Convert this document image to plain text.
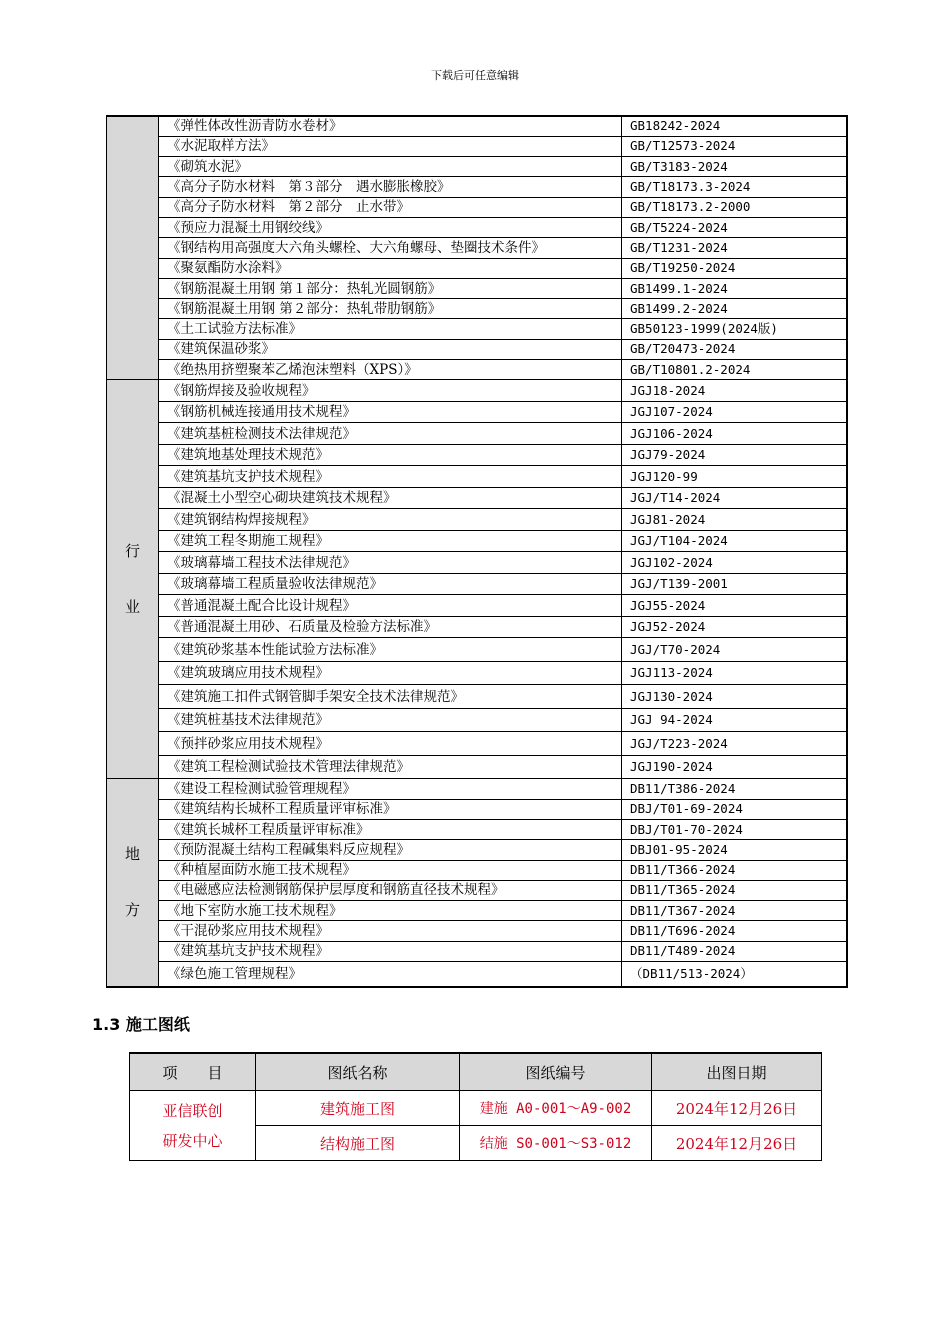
下载后可任意编辑
	《弹性体改性沥青防水卷材》	GB18242-2024
	《水泥取样方法》	GB/T12573-2024
	《砌筑水泥》	GB/T3183-2024
	《高分子防水材料　第３部分　遇水膨胀橡胶》	GB/T18173.3-2024
	《高分子防水材料　第２部分　止水带》	GB/T18173.2-2000
	《预应力混凝土用钢绞线》	GB/T5224-2024
	《钢结构用高强度大六角头螺栓、大六角螺母、垫圈技术条件》	GB/T1231-2024
	《聚氨酯防水涂料》	GB/T19250-2024
	《钢筋混凝土用钢 第１部分：热轧光圆钢筋》	GB1499.1-2024
	《钢筋混凝土用钢 第２部分：热轧带肋钢筋》	GB1499.2-2024
	《土工试验方法标准》	GB50123-1999(2024版)
	《建筑保温砂浆》	GB/T20473-2024
	《绝热用挤塑聚苯乙烯泡沫塑料（XPS）》	GB/T10801.2-2024

行
业	《钢筋焊接及验收规程》	JGJ18-2024
	《钢筋机械连接通用技术规程》	JGJ107-2024
	《建筑基桩检测技术法律规范》	JGJ106-2024
	《建筑地基处理技术规范》	JGJ79-2024
	《建筑基坑支护技术规程》	JGJ120-99
	《混凝土小型空心砌块建筑技术规程》	JGJ/T14-2024
	《建筑钢结构焊接规程》	JGJ81-2024
	《建筑工程冬期施工规程》	JGJ/T104-2024
	《玻璃幕墙工程技术法律规范》	JGJ102-2024
	《玻璃幕墙工程质量验收法律规范》	JGJ/T139-2001
	《普通混凝土配合比设计规程》	JGJ55-2024
	《普通混凝土用砂、石质量及检验方法标准》	JGJ52-2024
	《建筑砂浆基本性能试验方法标准》	JGJ/T70-2024
	《建筑玻璃应用技术规程》	JGJ113-2024
	《建筑施工扣件式钢管脚手架安全技术法律规范》	JGJ130-2024
	《建筑桩基技术法律规范》	JGJ 94-2024
	《预拌砂浆应用技术规程》	JGJ/T223-2024
	《建筑工程检测试验技术管理法律规范》	JGJ190-2024

地
方	《建设工程检测试验管理规程》	DB11/T386-2024
	《建筑结构长城杯工程质量评审标准》	DBJ/T01-69-2024
	《建筑长城杯工程质量评审标准》	DBJ/T01-70-2024
	《预防混凝土结构工程碱集料反应规程》	DBJ01-95-2024
	《种植屋面防水施工技术规程》	DB11/T366-2024
	《电磁感应法检测钢筋保护层厚度和钢筋直径技术规程》	DB11/T365-2024
	《地下室防水施工技术规程》	DB11/T367-2024
	《干混砂浆应用技术规程》	DB11/T696-2024
	《建筑基坑支护技术规程》	DB11/T489-2024
	《绿色施工管理规程》	（DB11/513-2024）
1.3 施工图纸
项　　目	图纸名称	图纸编号	出图日期

亚信联创
研发中心	建筑施工图	建施 A0-001～A9-002	2024年12月26日
	结构施工图	结施 S0-001～S3-012	2024年12月26日
